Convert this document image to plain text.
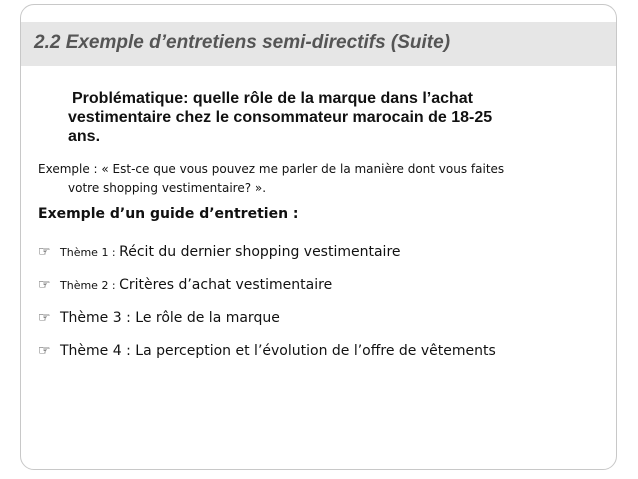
2.2 Exemple d’entretiens semi-directifs (Suite)
Problématique: quelle rôle de la marque dans l’achat
vestimentaire chez le consommateur marocain de 18-25
ans.
Exemple : « Est-ce que vous pouvez me parler de la manière dont vous faites
votre shopping vestimentaire? ».
Exemple d’un guide d’entretien :
☞ Thème 1 : Récit du dernier shopping vestimentaire
☞ Thème 2 : Critères d’achat vestimentaire
☞ Thème 3 : Le rôle de la marque
☞ Thème 4 : La perception et l’évolution de l’offre de vêtements
